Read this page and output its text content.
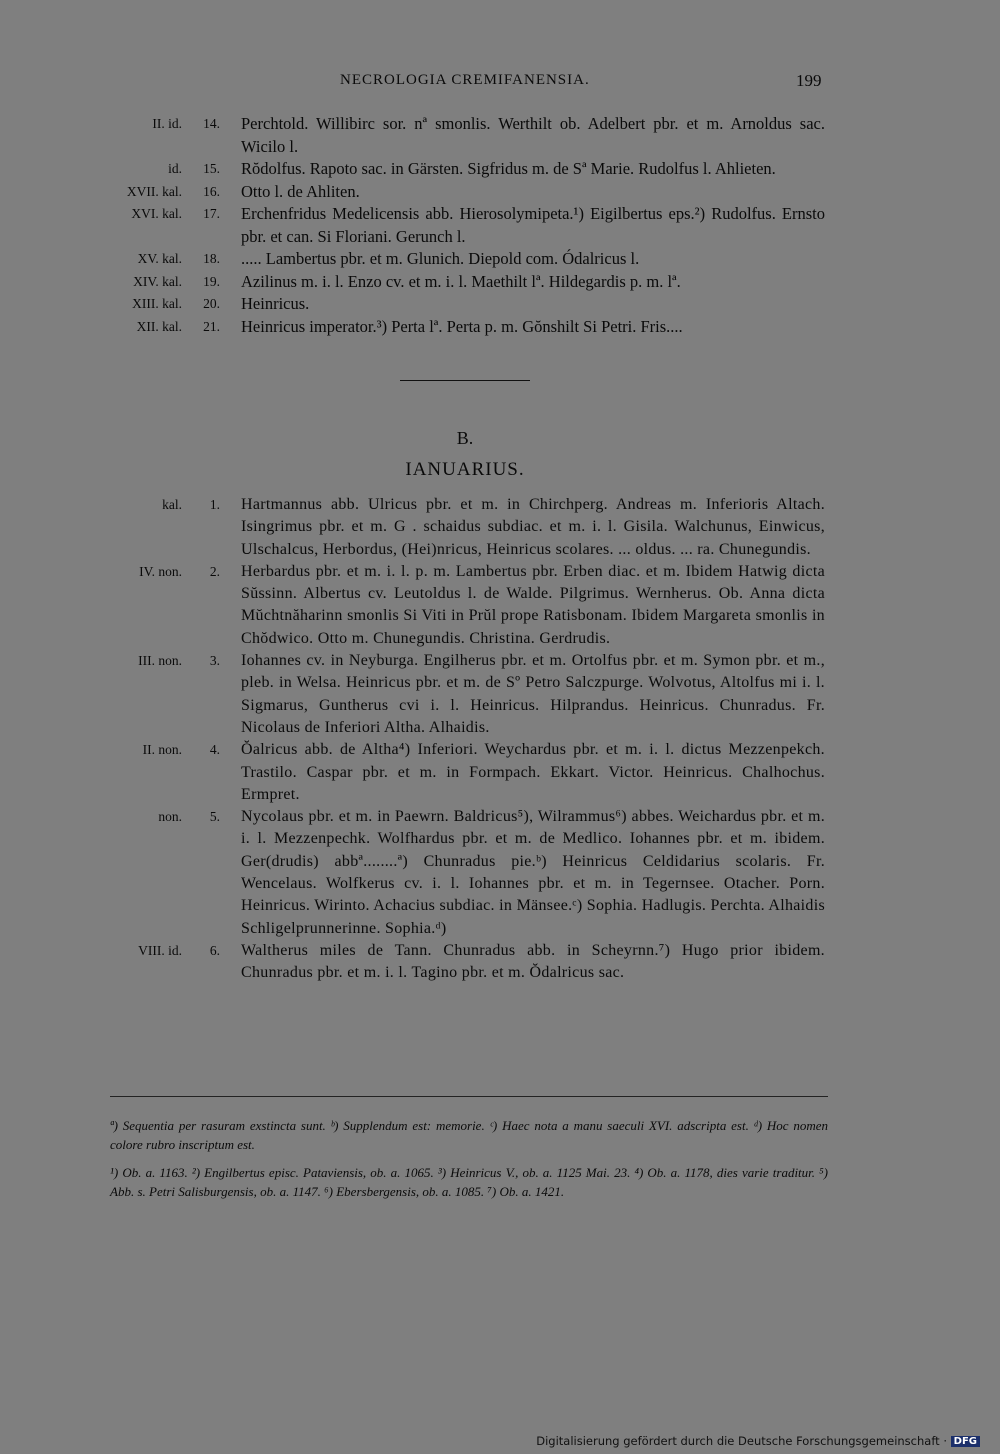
NECROLOGIA CREMIFANENSIA.	199
II. id.	14. Perchtold. Willibirc sor. nª smonlis. Werthilt ob. Adelbert pbr. et m. Arnoldus sac. Wicilo l.
id.	15. Rŏdolfus. Rapoto sac. in Gärsten. Sigfridus m. de Sª Marie. Rudolfus l. Ahlieten.
XVII. kal.	16. Otto l. de Ahliten.
XVI. kal.	17. Erchenfridus Medelicensis abb. Hierosolymipeta.¹) Eigilbertus eps.²) Rudolfus. Ernsto pbr. et can. Si Floriani. Gerunch l.
XV. kal.	18. ..... Lambertus pbr. et m. Glunich. Diepold com. Ódalricus l.
XIV. kal.	19. Azilinus m. i. l. Enzo cv. et m. i. l. Maethilt lª. Hildegardis p. m. lª.
XIII. kal.	20. Heinricus.
XII. kal.	21. Heinricus imperator.³) Perta lª. Perta p. m. Gŏnshilt Si Petri. Fris....
B.
IANUARIUS.
kal.	1. Hartmannus abb. Ulricus pbr. et m. in Chirchperg. Andreas m. Inferioris Altach. Isingrimus pbr. et m. G . schaidus subdiac. et m. i. l. Gisila. Walchunus, Einwicus, Ulschalcus, Herbordus, (Hei)nricus, Heinricus scolares. ... oldus. ... ra. Chunegundis.
IV. non.	2. Herbardus pbr. et m. i. l. p. m. Lambertus pbr. Erben diac. et m. Ibidem Hatwig dicta Sŭssinn. Albertus cv. Leutoldus l. de Walde. Pilgrimus. Wernherus. Ob. Anna dicta Mŭchtnăharinn smonlis Si Viti in Prŭl prope Ratisbonam. Ibidem Margareta smonlis in Chŏdwico. Otto m. Chunegundis. Christina. Gerdrudis.
III. non.	3. Iohannes cv. in Neyburga. Engilherus pbr. et m. Ortolfus pbr. et m. Symon pbr. et m., pleb. in Welsa. Heinricus pbr. et m. de Sº Petro Salczpurge. Wolvotus, Altolfus mi i. l. Sigmarus, Guntherus cvi i. l. Heinricus. Hilprandus. Heinricus. Chunradus. Fr. Nicolaus de Inferiori Altha. Alhaidis.
II. non.	4. Ŏalricus abb. de Altha⁴) Inferiori. Weychardus pbr. et m. i. l. dictus Mezzenpekch. Trastilo. Caspar pbr. et m. in Formpach. Ekkart. Victor. Heinricus. Chalhochus. Ermpret.
non.	5. Nycolaus pbr. et m. in Paewrn. Baldricus⁵), Wilrammus⁶) abbes. Weichardus pbr. et m. i. l. Mezzenpechk. Wolfhardus pbr. et m. de Medlico. Iohannes pbr. et m. ibidem. Ger(drudis) abbª........ª) Chunradus pie.ᵇ) Heinricus Celdidarius scolaris. Fr. Wencelaus. Wolfkerus cv. i. l. Iohannes pbr. et m. in Tegernsee. Otacher. Porn. Heinricus. Wirinto. Achacius subdiac. in Mänsee.ᶜ) Sophia. Hadlugis. Perchta. Alhaidis Schligelprunnerinne. Sophia.ᵈ)
VIII. id.	6. Waltherus miles de Tann. Chunradus abb. in Scheyrnn.⁷) Hugo prior ibidem. Chunradus pbr. et m. i. l. Tagino pbr. et m. Ŏdalricus sac.
ª) Sequentia per rasuram exstincta sunt. ᵇ) Supplendum est: memorie. ᶜ) Haec nota a manu saeculi XVI. adscripta est. ᵈ) Hoc nomen colore rubro inscriptum est.
¹) Ob. a. 1163. ²) Engilbertus episc. Pataviensis, ob. a. 1065. ³) Heinricus V., ob. a. 1125 Mai. 23. ⁴) Ob. a. 1178, dies varie traditur. ⁵) Abb. s. Petri Salisburgensis, ob. a. 1147. ⁶) Ebersbergensis, ob. a. 1085. ⁷) Ob. a. 1421.
Digitalisierung gefördert durch die Deutsche Forschungsgemeinschaft · DFG
